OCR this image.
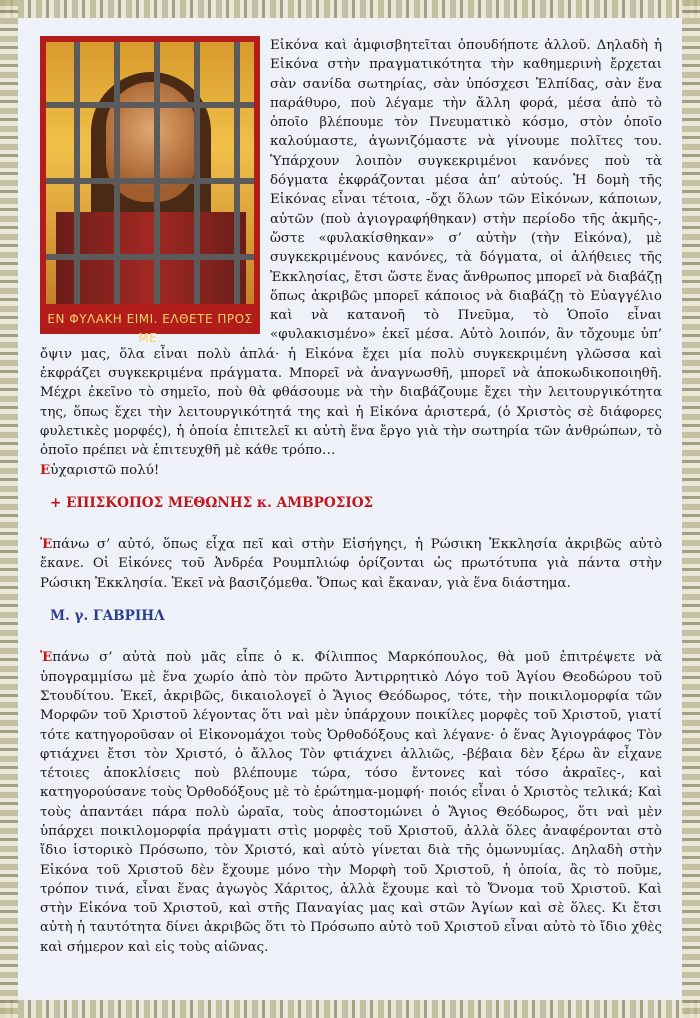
ΕΝ ΦΥΛΑΚΗ ΕΙΜΙ. ΕΛΘΕΤΕ ΠΡΟΣ ΜΕ.

Εἰκόνα καὶ ἀμφισβητεῖται ὁπουδήποτε ἀλλοῦ. Δηλαδὴ ἡ Εἰκόνα στὴν πραγματικότητα τὴν καθημερινὴ ἔρχεται σὰν σανίδα σωτηρίας, σὰν ὑπόσχεσι Ἐλπίδας, σὰν ἕνα παράθυρο, ποὺ λέγαμε τὴν ἄλλη φορά, μέσα ἀπὸ τὸ ὁποῖο βλέπουμε τὸν Πνευματικὸ κόσμο, στὸν ὁποῖο καλούμαστε, ἀγωνιζόμαστε νὰ γίνουμε πολῖτες του. Ὑπάρχουν λοιπὸν συγκεκριμένοι κανόνες ποὺ τὰ δόγματα ἐκφράζονται μέσα ἀπ’ αὐτούς. Ἡ δομὴ τῆς Εἰκόνας εἶναι τέτοια, -ὄχι ὅλων τῶν Εἰκόνων, κάποιων, αὐτῶν (ποὺ ἁγιογραφήθηκαν) στὴν περίοδο τῆς ἀκμῆς-, ὥστε «φυλακίσθηκαν» σ’ αὐτὴν (τὴν Εἰκόνα), μὲ συγκεκριμένους κανόνες, τὰ δόγματα, οἱ ἀλήθειες τῆς Ἐκκλησίας, ἔτσι ὥστε ἕνας ἄνθρωπος μπορεῖ νὰ διαβάζῃ ὅπως ἀκριβῶς μπορεῖ κάποιος νὰ διαβάζῃ τὸ Εὐαγγέλιο καὶ νὰ κατανοῆ τὸ Πνεῦμα, τὸ Ὁποῖο εἶναι «φυλακισμένο» ἐκεῖ μέσα. Αὐτὸ λοιπόν, ἂν τὄχουμε ὑπ’ ὄψιν μας, ὅλα εἶναι πολὺ ἁπλά· ἡ Εἰκόνα ἔχει μία πολὺ συγκεκριμένη γλῶσσα καὶ ἐκφράζει συγκεκριμένα πράγματα. Μπορεῖ νὰ ἀναγνωσθῆ, μπορεῖ νὰ ἀποκωδικοποιηθῆ. Μέχρι ἐκεῖνο τὸ σημεῖο, ποὺ θὰ φθάσουμε νὰ τὴν διαβάζουμε ἔχει τὴν λειτουργικότητα της, ὅπως ἔχει τὴν λειτουργικότητά της καὶ ἡ Εἰκόνα ἀριστερά, (ὁ Χριστὸς σὲ διάφορες φυλετικὲς μορφές), ἡ ὁποία ἐπιτελεῖ κι αὐτὴ ἕνα ἔργο γιὰ τὴν σωτηρία τῶν ἀνθρώπων, τὸ ὁποῖο πρέπει νὰ ἐπιτευχθῆ μὲ κάθε τρόπο…

Εὐχαριστῶ πολύ!

+ ΕΠΙΣΚΟΠΟΣ ΜΕΘΩΝΗΣ κ. ΑΜΒΡΟΣΙΟΣ

Ἐπάνω σ’ αὐτό, ὅπως εἶχα πεῖ καὶ στὴν Εἰσήγηςι, ἡ Ρώσικη Ἐκκλησία ἀκριβῶς αὐτὸ ἔκανε. Οἱ Εἰκόνες τοῦ Ἀνδρέα Ρουμπλιώφ ὁρίζονται ὡς πρωτότυπα γιὰ πάντα στὴν Ρώσικη Ἐκκλησία. Ἐκεῖ νὰ βασιζόμεθα. Ὅπως καὶ ἔκαναν, γιὰ ἕνα διάστημα.

Μ. γ. ΓΑΒΡΙΗΛ

Ἐπάνω σ’ αὐτὰ ποὺ μᾶς εἶπε ὁ κ. Φίλιππος Μαρκόπουλος, θὰ μοῦ ἐπιτρέψετε νὰ ὑπογραμμίσω μὲ ἕνα χωρίο ἀπὸ τὸν πρῶτο Ἀντιρρητικὸ Λόγο τοῦ Ἁγίου Θεοδώρου τοῦ Στουδίτου. Ἐκεῖ, ἀκριβῶς, δικαιολογεῖ ὁ Ἅγιος Θεόδωρος, τότε, τὴν ποικιλομορφία τῶν Μορφῶν τοῦ Χριστοῦ λέγοντας ὅτι ναὶ μὲν ὑπάρχουν ποικίλες μορφὲς τοῦ Χριστοῦ, γιατί τότε κατηγοροῦσαν οἱ Εἰκονομάχοι τοὺς Ὀρθοδόξους καὶ λέγανε· ὁ ἕνας Ἁγιογράφος Τὸν φτιάχνει ἔτσι τὸν Χριστό, ὁ ἄλλος Τὸν φτιάχνει ἀλλιῶς, -βέβαια δὲν ξέρω ἂν εἶχανε τέτοιες ἀποκλίσεις ποὺ βλέπουμε τώρα, τόσο ἔντονες καὶ τόσο ἀκραῖες-, καὶ κατηγορούσανε τοὺς Ὀρθοδόξους μὲ τὸ ἐρώτημα-μομφή· ποιός εἶναι ὁ Χριστὸς τελικά; Καὶ τοὺς ἀπαντάει πάρα πολὺ ὡραῖα, τοὺς ἀποστομώνει ὁ Ἅγιος Θεόδωρος, ὅτι ναὶ μὲν ὑπάρχει ποικιλομορφία πράγματι στὶς μορφὲς τοῦ Χριστοῦ, ἀλλὰ ὅλες ἀναφέρονται στὸ ἴδιο ἱστορικὸ Πρόσωπο, τὸν Χριστό, καὶ αὐτὸ γίνεται διὰ τῆς ὁμωνυμίας. Δηλαδὴ στὴν Εἰκόνα τοῦ Χριστοῦ δὲν ἔχουμε μόνο τὴν Μορφὴ τοῦ Χριστοῦ, ἡ ὁποία, ἂς τὸ ποῦμε, τρόπον τινά, εἶναι ἕνας ἀγωγὸς Χάριτος, ἀλλὰ ἔχουμε καὶ τὸ Ὄνομα τοῦ Χριστοῦ. Καὶ στὴν Εἰκόνα τοῦ Χριστοῦ, καὶ στῆς Παναγίας μας καὶ στῶν Ἁγίων καὶ σὲ ὅλες. Κι ἔτσι αὐτὴ ἡ ταυτότητα δίνει ἀκριβῶς ὅτι τὸ Πρόσωπο αὐτὸ τοῦ Χριστοῦ εἶναι αὐτὸ τὸ ἴδιο χθὲς καὶ σήμερον καὶ εἰς τοὺς αἰῶνας.
